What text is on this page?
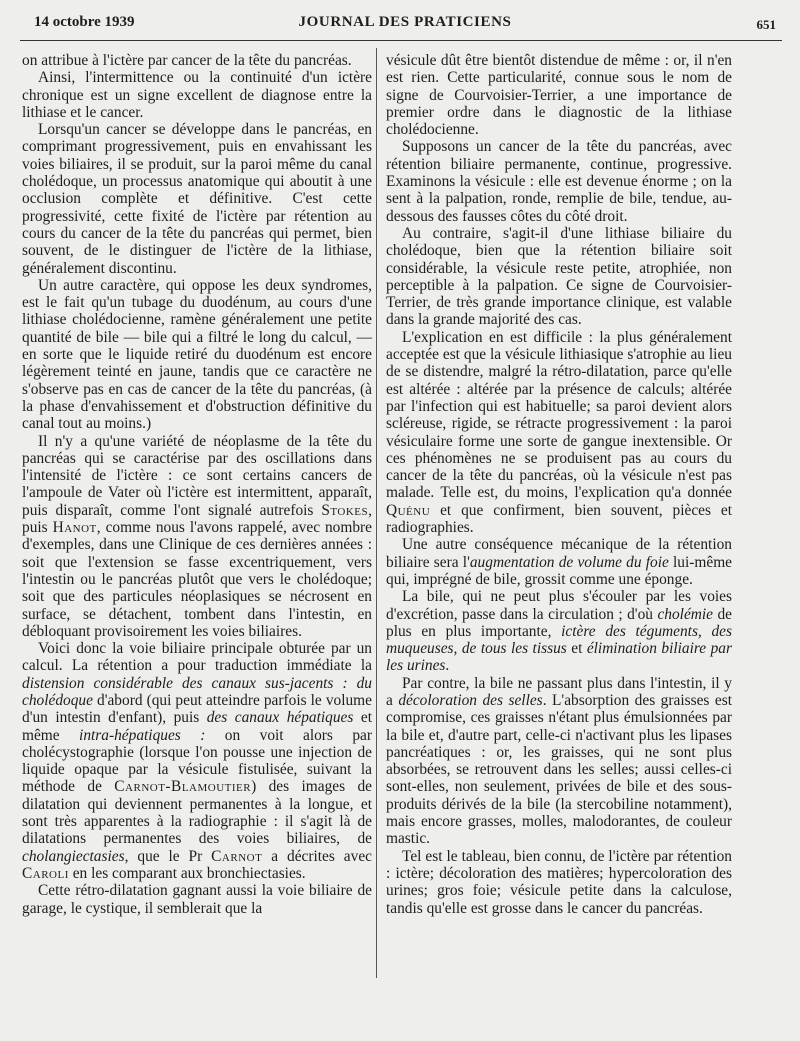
14 octobre 1939	JOURNAL DES PRATICIENS	651

on attribue à l'ictère par cancer de la tête du pancréas.

Ainsi, l'intermittence ou la continuité d'un ictère chronique est un signe excellent de diagnose entre la lithiase et le cancer.

Lorsqu'un cancer se développe dans le pancréas, en comprimant progressivement, puis en envahissant les voies biliaires, il se produit, sur la paroi même du canal cholédoque, un processus anatomique qui aboutit à une occlusion complète et définitive. C'est cette progressivité, cette fixité de l'ictère par rétention au cours du cancer de la tête du pancréas qui permet, bien souvent, de le distinguer de l'ictère de la lithiase, généralement discontinu.

Un autre caractère, qui oppose les deux syndromes, est le fait qu'un tubage du duodénum, au cours d'une lithiase cholédocienne, ramène généralement une petite quantité de bile — bile qui a filtré le long du calcul, — en sorte que le liquide retiré du duodénum est encore légèrement teinté en jaune, tandis que ce caractère ne s'observe pas en cas de cancer de la tête du pancréas, (à la phase d'envahissement et d'obstruction définitive du canal tout au moins.)

Il n'y a qu'une variété de néoplasme de la tête du pancréas qui se caractérise par des oscillations dans l'intensité de l'ictère : ce sont certains cancers de l'ampoule de Vater où l'ictère est intermittent, apparaît, puis disparaît, comme l'ont signalé autrefois Stokes, puis Hanot, comme nous l'avons rappelé, avec nombre d'exemples, dans une Clinique de ces dernières années : soit que l'extension se fasse excentriquement, vers l'intestin ou le pancréas plutôt que vers le cholédoque; soit que des particules néoplasiques se nécrosent en surface, se détachent, tombent dans l'intestin, en débloquant provisoirement les voies biliaires.

Voici donc la voie biliaire principale obturée par un calcul. La rétention a pour traduction immédiate la distension considérable des canaux sus-jacents : du cholédoque d'abord (qui peut atteindre parfois le volume d'un intestin d'enfant), puis des canaux hépatiques et même intra-hépatiques : on voit alors par cholécystographie (lorsque l'on pousse une injection de liquide opaque par la vésicule fistulisée, suivant la méthode de Carnot-Blamoutier) des images de dilatation qui deviennent permanentes à la longue, et sont très apparentes à la radiographie : il s'agit là de dilatations permanentes des voies biliaires, de cholangiectasies, que le Pr Carnot a décrites avec Caroli en les comparant aux bronchiectasies.

Cette rétro-dilatation gagnant aussi la voie biliaire de garage, le cystique, il semblerait que la

vésicule dût être bientôt distendue de même : or, il n'en est rien. Cette particularité, connue sous le nom de signe de Courvoisier-Terrier, a une importance de premier ordre dans le diagnostic de la lithiase cholédocienne.

Supposons un cancer de la tête du pancréas, avec rétention biliaire permanente, continue, progressive. Examinons la vésicule : elle est devenue énorme ; on la sent à la palpation, ronde, remplie de bile, tendue, au-dessous des fausses côtes du côté droit.

Au contraire, s'agit-il d'une lithiase biliaire du cholédoque, bien que la rétention biliaire soit considérable, la vésicule reste petite, atrophiée, non perceptible à la palpation. Ce signe de Courvoisier-Terrier, de très grande importance clinique, est valable dans la grande majorité des cas.

L'explication en est difficile : la plus généralement acceptée est que la vésicule lithiasique s'atrophie au lieu de se distendre, malgré la rétro-dilatation, parce qu'elle est altérée : altérée par la présence de calculs; altérée par l'infection qui est habituelle; sa paroi devient alors scléreuse, rigide, se rétracte progressivement : la paroi vésiculaire forme une sorte de gangue inextensible. Or ces phénomènes ne se produisent pas au cours du cancer de la tête du pancréas, où la vésicule n'est pas malade. Telle est, du moins, l'explication qu'a donnée Quénu et que confirment, bien souvent, pièces et radiographies.

Une autre conséquence mécanique de la rétention biliaire sera l'augmentation de volume du foie lui-même qui, imprégné de bile, grossit comme une éponge.

La bile, qui ne peut plus s'écouler par les voies d'excrétion, passe dans la circulation ; d'où cholémie de plus en plus importante, ictère des téguments, des muqueuses, de tous les tissus et élimination biliaire par les urines.

Par contre, la bile ne passant plus dans l'intestin, il y a décoloration des selles. L'absorption des graisses est compromise, ces graisses n'étant plus émulsionnées par la bile et, d'autre part, celle-ci n'activant plus les lipases pancréatiques : or, les graisses, qui ne sont plus absorbées, se retrouvent dans les selles; aussi celles-ci sont-elles, non seulement, privées de bile et des sous-produits dérivés de la bile (la stercobiline notamment), mais encore grasses, molles, malodorantes, de couleur mastic.

Tel est le tableau, bien connu, de l'ictère par rétention : ictère; décoloration des matières; hypercoloration des urines; gros foie; vésicule petite dans la calculose, tandis qu'elle est grosse dans le cancer du pancréas.
